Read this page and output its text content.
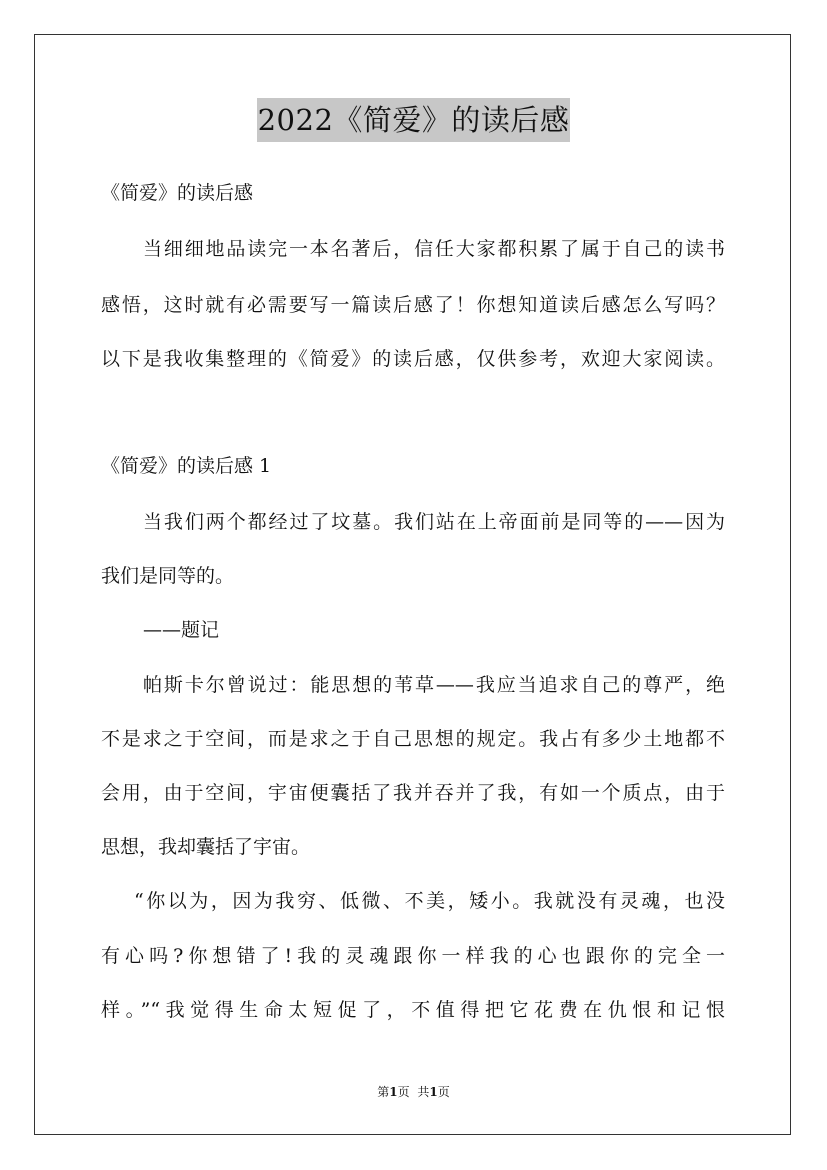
2022《简爱》的读后感
《简爱》的读后感
当细细地品读完一本名著后，信任大家都积累了属于自己的读书
感悟，这时就有必需要写一篇读后感了！你想知道读后感怎么写吗？
以下是我收集整理的《简爱》的读后感，仅供参考，欢迎大家阅读。
《简爱》的读后感 1
当我们两个都经过了坟墓。我们站在上帝面前是同等的——因为
我们是同等的。
——题记
帕斯卡尔曾说过：能思想的苇草——我应当追求自己的尊严，绝
不是求之于空间，而是求之于自己思想的规定。我占有多少土地都不
会用，由于空间，宇宙便囊括了我并吞并了我，有如一个质点，由于
思想，我却囊括了宇宙。
“你以为，因为我穷、低微、不美，矮小。我就没有灵魂，也没
有心吗?你想错了!我的灵魂跟你一样我的心也跟你的完全一
样。”“我觉得生命太短促了，不值得把它花费在仇恨和记恨
第1页 共1页
